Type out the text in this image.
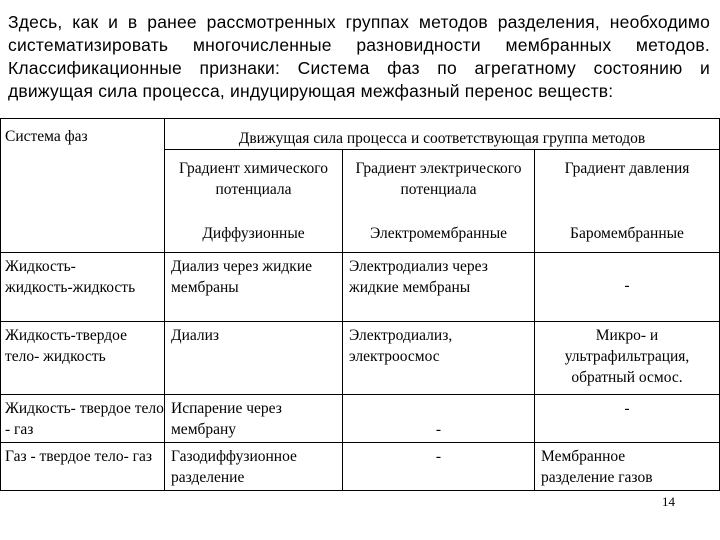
Здесь, как и в ранее рассмотренных группах методов разделения, необходимо систематизировать многочисленные разновидности мембранных методов. Классификационные признаки: Система фаз по агрегатному состоянию и движущая сила процесса, индуцирующая межфазный перенос веществ:

Система фаз	Движущая сила процесса и соответствующая группа методов		
	Градиент химического потенциала	Градиент электрического потенциала	Градиент давления
	Диффузионные	Электромембранные	Баромембранные
Жидкость-жидкость-жидкость	Диализ через жидкие мембраны	Электродиализ через жидкие мембраны	-
Жидкость-твердое тело- жидкость	Диализ	Электродиализ, электроосмос	Микро- и ультрафильтрация, обратный осмос.
Жидкость- твердое тело - газ	Испарение через мембрану	-	-
Газ - твердое тело- газ	Газодиффузионное разделение	-	Мембранное разделение газов
14
